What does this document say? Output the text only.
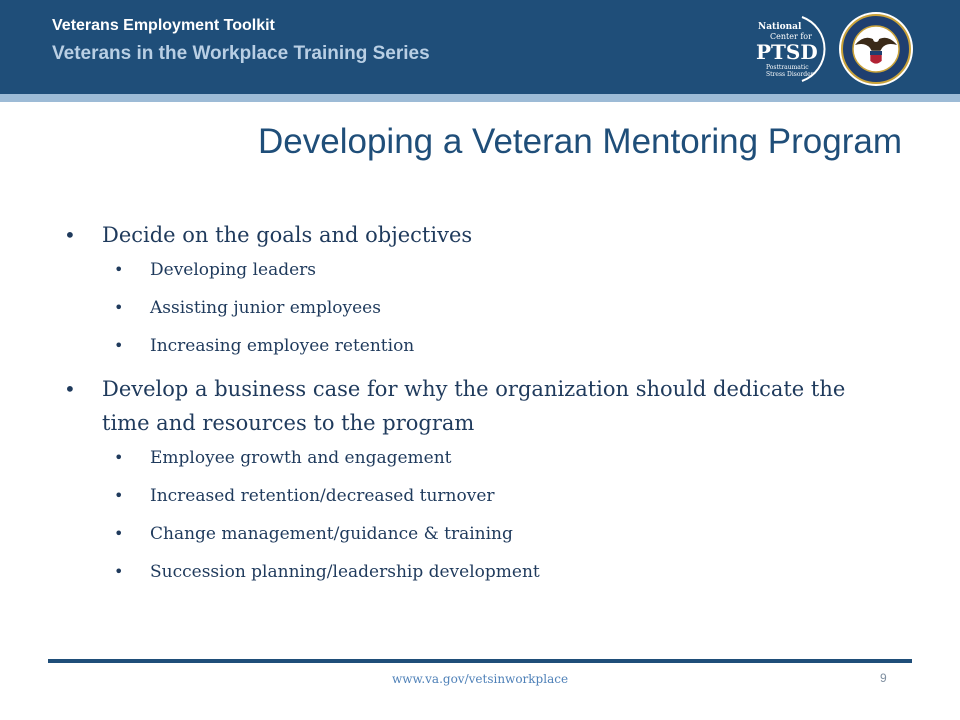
Veterans Employment Toolkit
Veterans in the Workplace Training Series
National
Center for
PTSD
Posttraumatic
Stress Disorder
Developing a Veteran Mentoring Program
• Decide on the goals and objectives
• Developing leaders
• Assisting junior employees
• Increasing employee retention
• Develop a business case for why the organization should dedicate the time and resources to the program
• Employee growth and engagement
• Increased retention/decreased turnover
• Change management/guidance & training
• Succession planning/leadership development
www.va.gov/vetsinworkplace	9
